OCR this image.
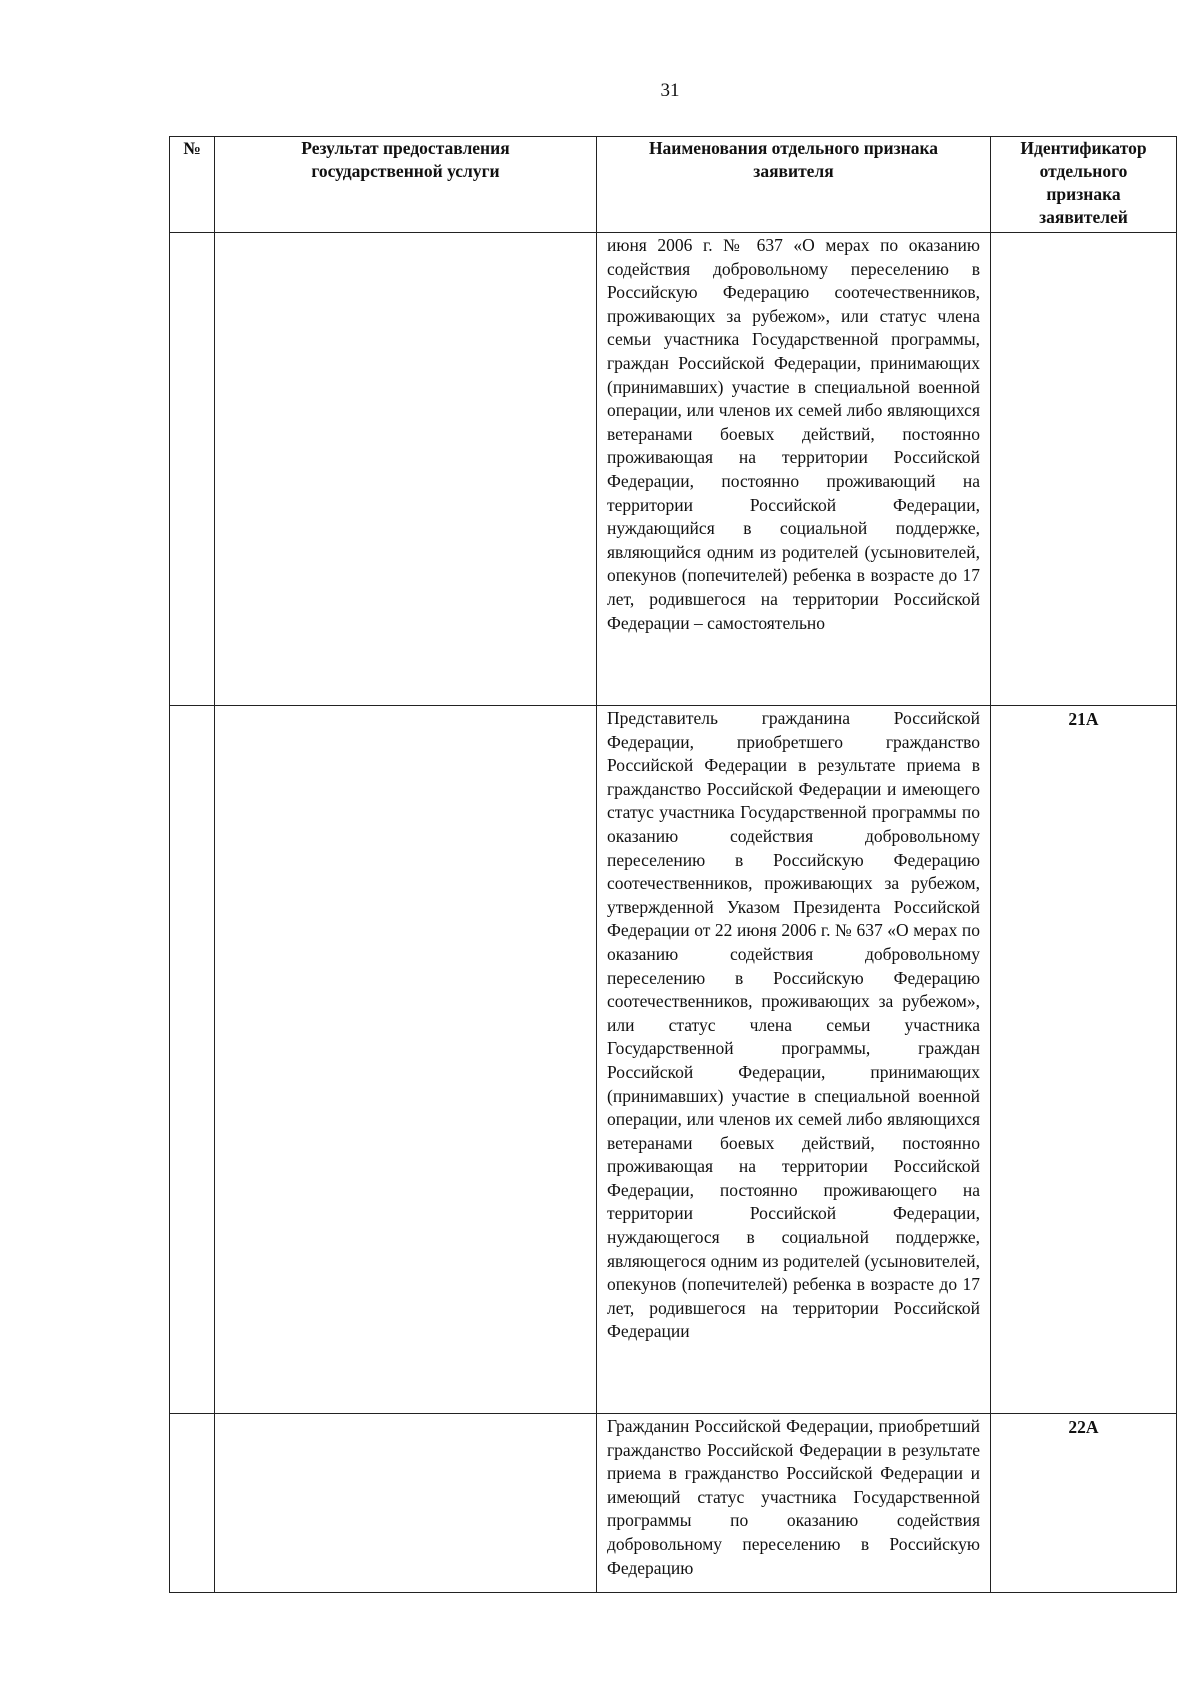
31
№	Результат предоставления государственной услуги	Наименования отдельного признака заявителя	Идентификатор отдельного признака заявителей

		июня 2006 г. № 637 «О мерах по оказанию содействия добровольному переселению в Российскую Федерацию соотечественников, проживающих за рубежом», или статус члена семьи участника Государственной программы, граждан Российской Федерации, принимающих (принимавших) участие в специальной военной операции, или членов их семей либо являющихся ветеранами боевых действий, постоянно проживающая на территории Российской Федерации, постоянно проживающий на территории Российской Федерации, нуждающийся в социальной поддержке, являющийся одним из родителей (усыновителей, опекунов (попечителей) ребенка в возрасте до 17 лет, родившегося на территории Российской Федерации – самостоятельно	

		Представитель гражданина Российской Федерации, приобретшего гражданство Российской Федерации в результате приема в гражданство Российской Федерации и имеющего статус участника Государственной программы по оказанию содействия добровольному переселению в Российскую Федерацию соотечественников, проживающих за рубежом, утвержденной Указом Президента Российской Федерации от 22 июня 2006 г. № 637 «О мерах по оказанию содействия добровольному переселению в Российскую Федерацию соотечественников, проживающих за рубежом», или статус члена семьи участника Государственной программы, граждан Российской Федерации, принимающих (принимавших) участие в специальной военной операции, или членов их семей либо являющихся ветеранами боевых действий, постоянно проживающая на территории Российской Федерации, постоянно проживающего на территории Российской Федерации, нуждающегося в социальной поддержке, являющегося одним из родителей (усыновителей, опекунов (попечителей) ребенка в возрасте до 17 лет, родившегося на территории Российской Федерации	21А

		Гражданин Российской Федерации, приобретший гражданство Российской Федерации в результате приема в гражданство Российской Федерации и имеющий статус участника Государственной программы по оказанию содействия добровольному переселению в Российскую Федерацию	22А
